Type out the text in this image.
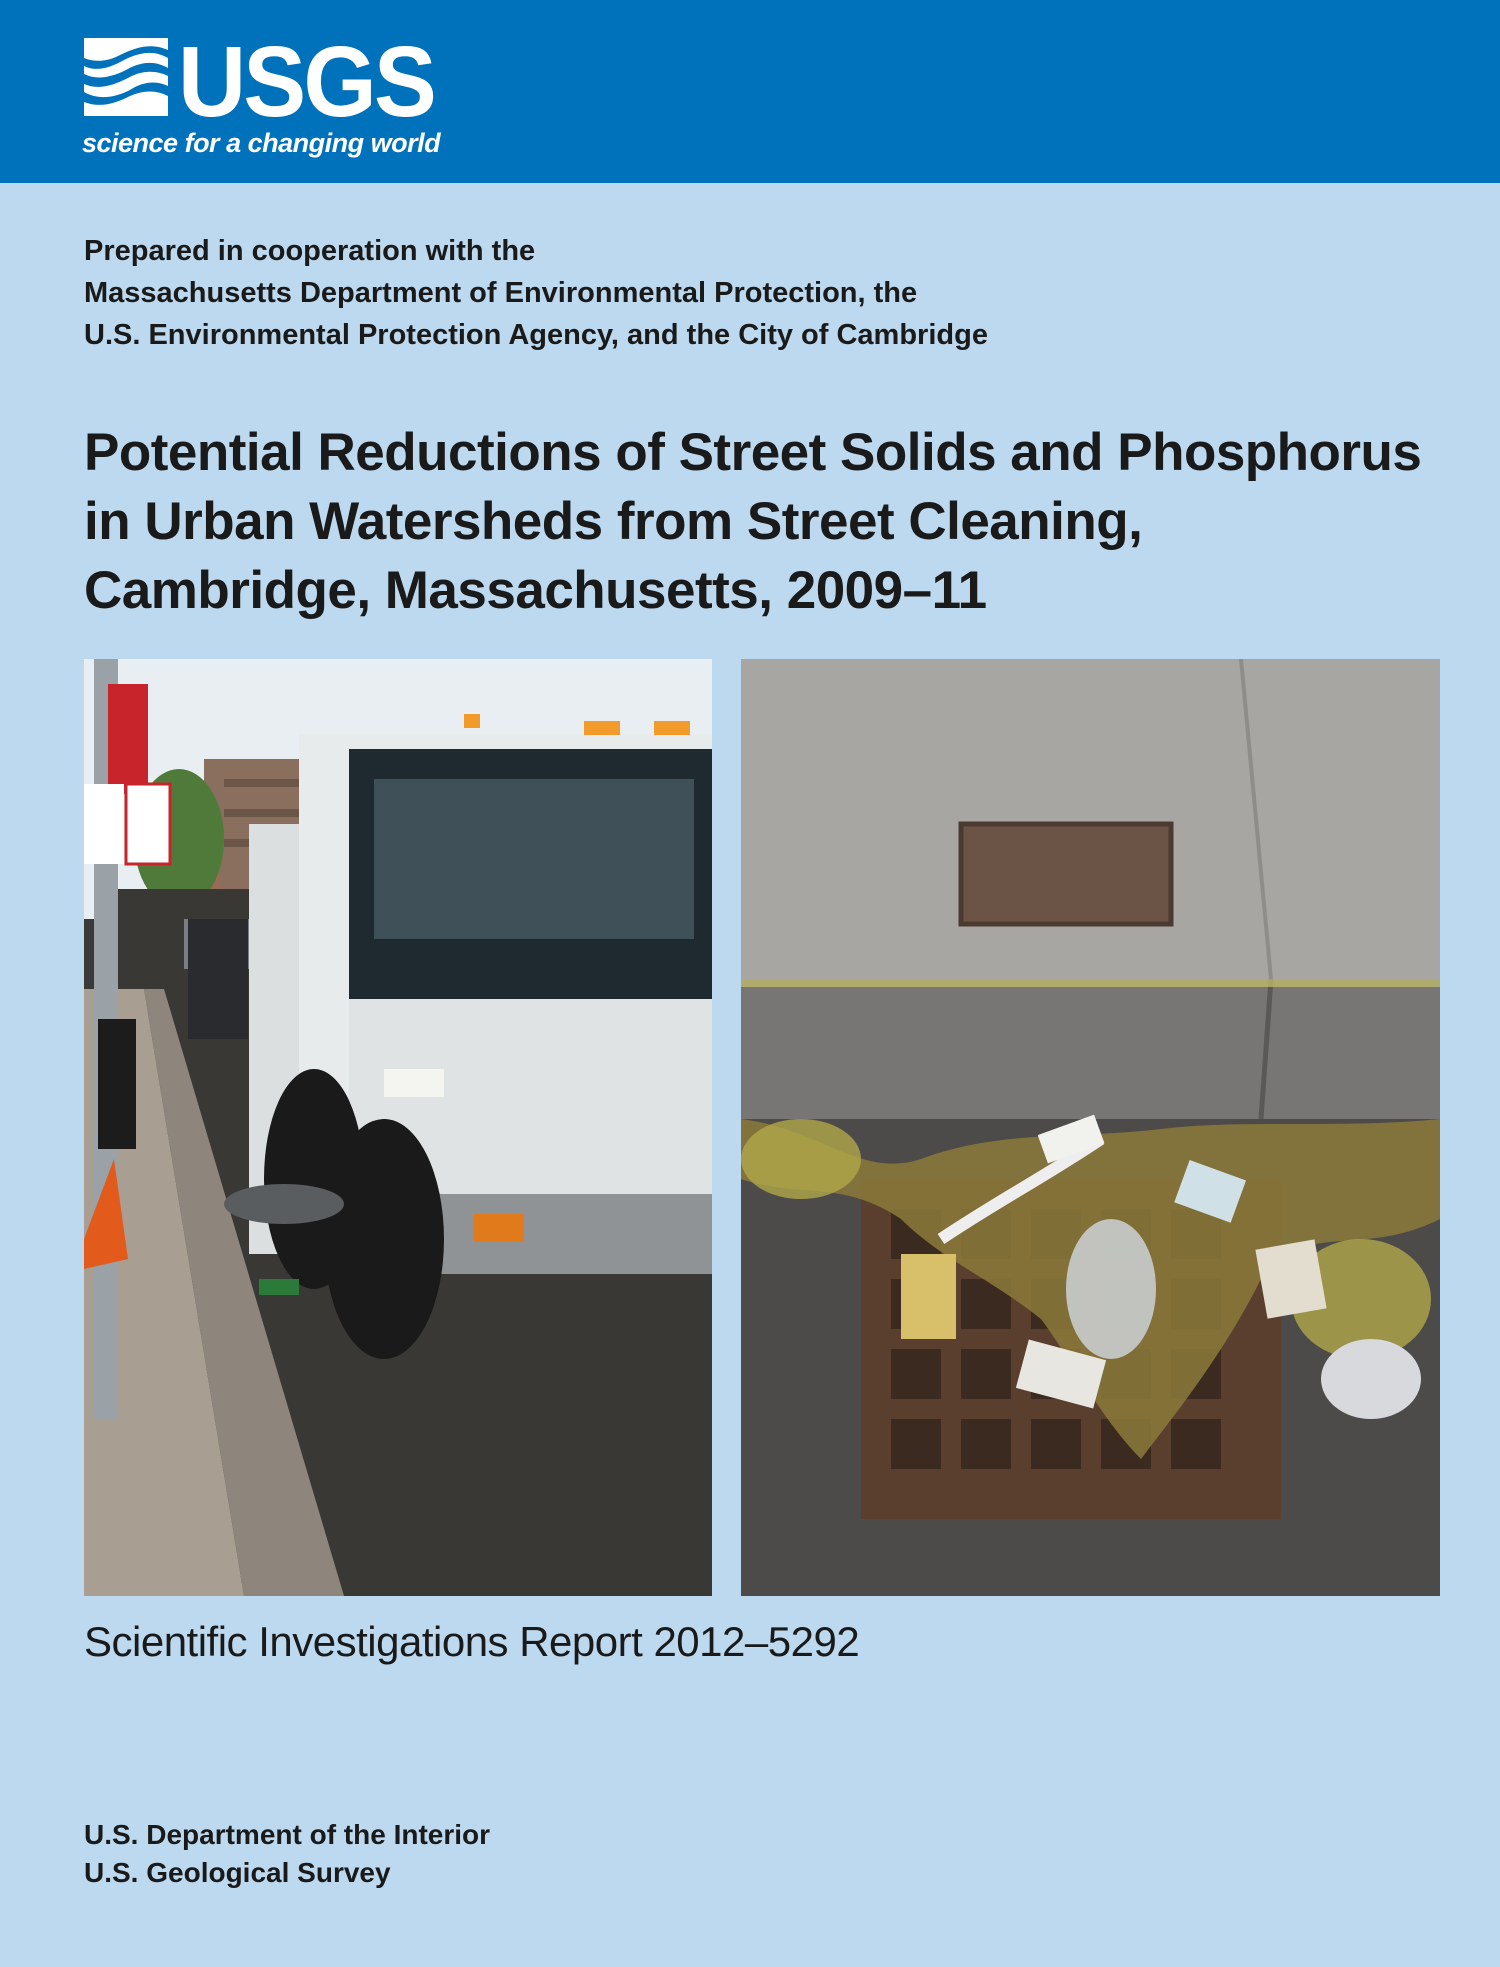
USGS
science for a changing world
Prepared in cooperation with the
Massachusetts Department of Environmental Protection, the
U.S. Environmental Protection Agency, and the City of Cambridge
Potential Reductions of Street Solids and Phosphorus
in Urban Watersheds from Street Cleaning,
Cambridge, Massachusetts, 2009–11
Scientific Investigations Report 2012–5292
U.S. Department of the Interior
U.S. Geological Survey
